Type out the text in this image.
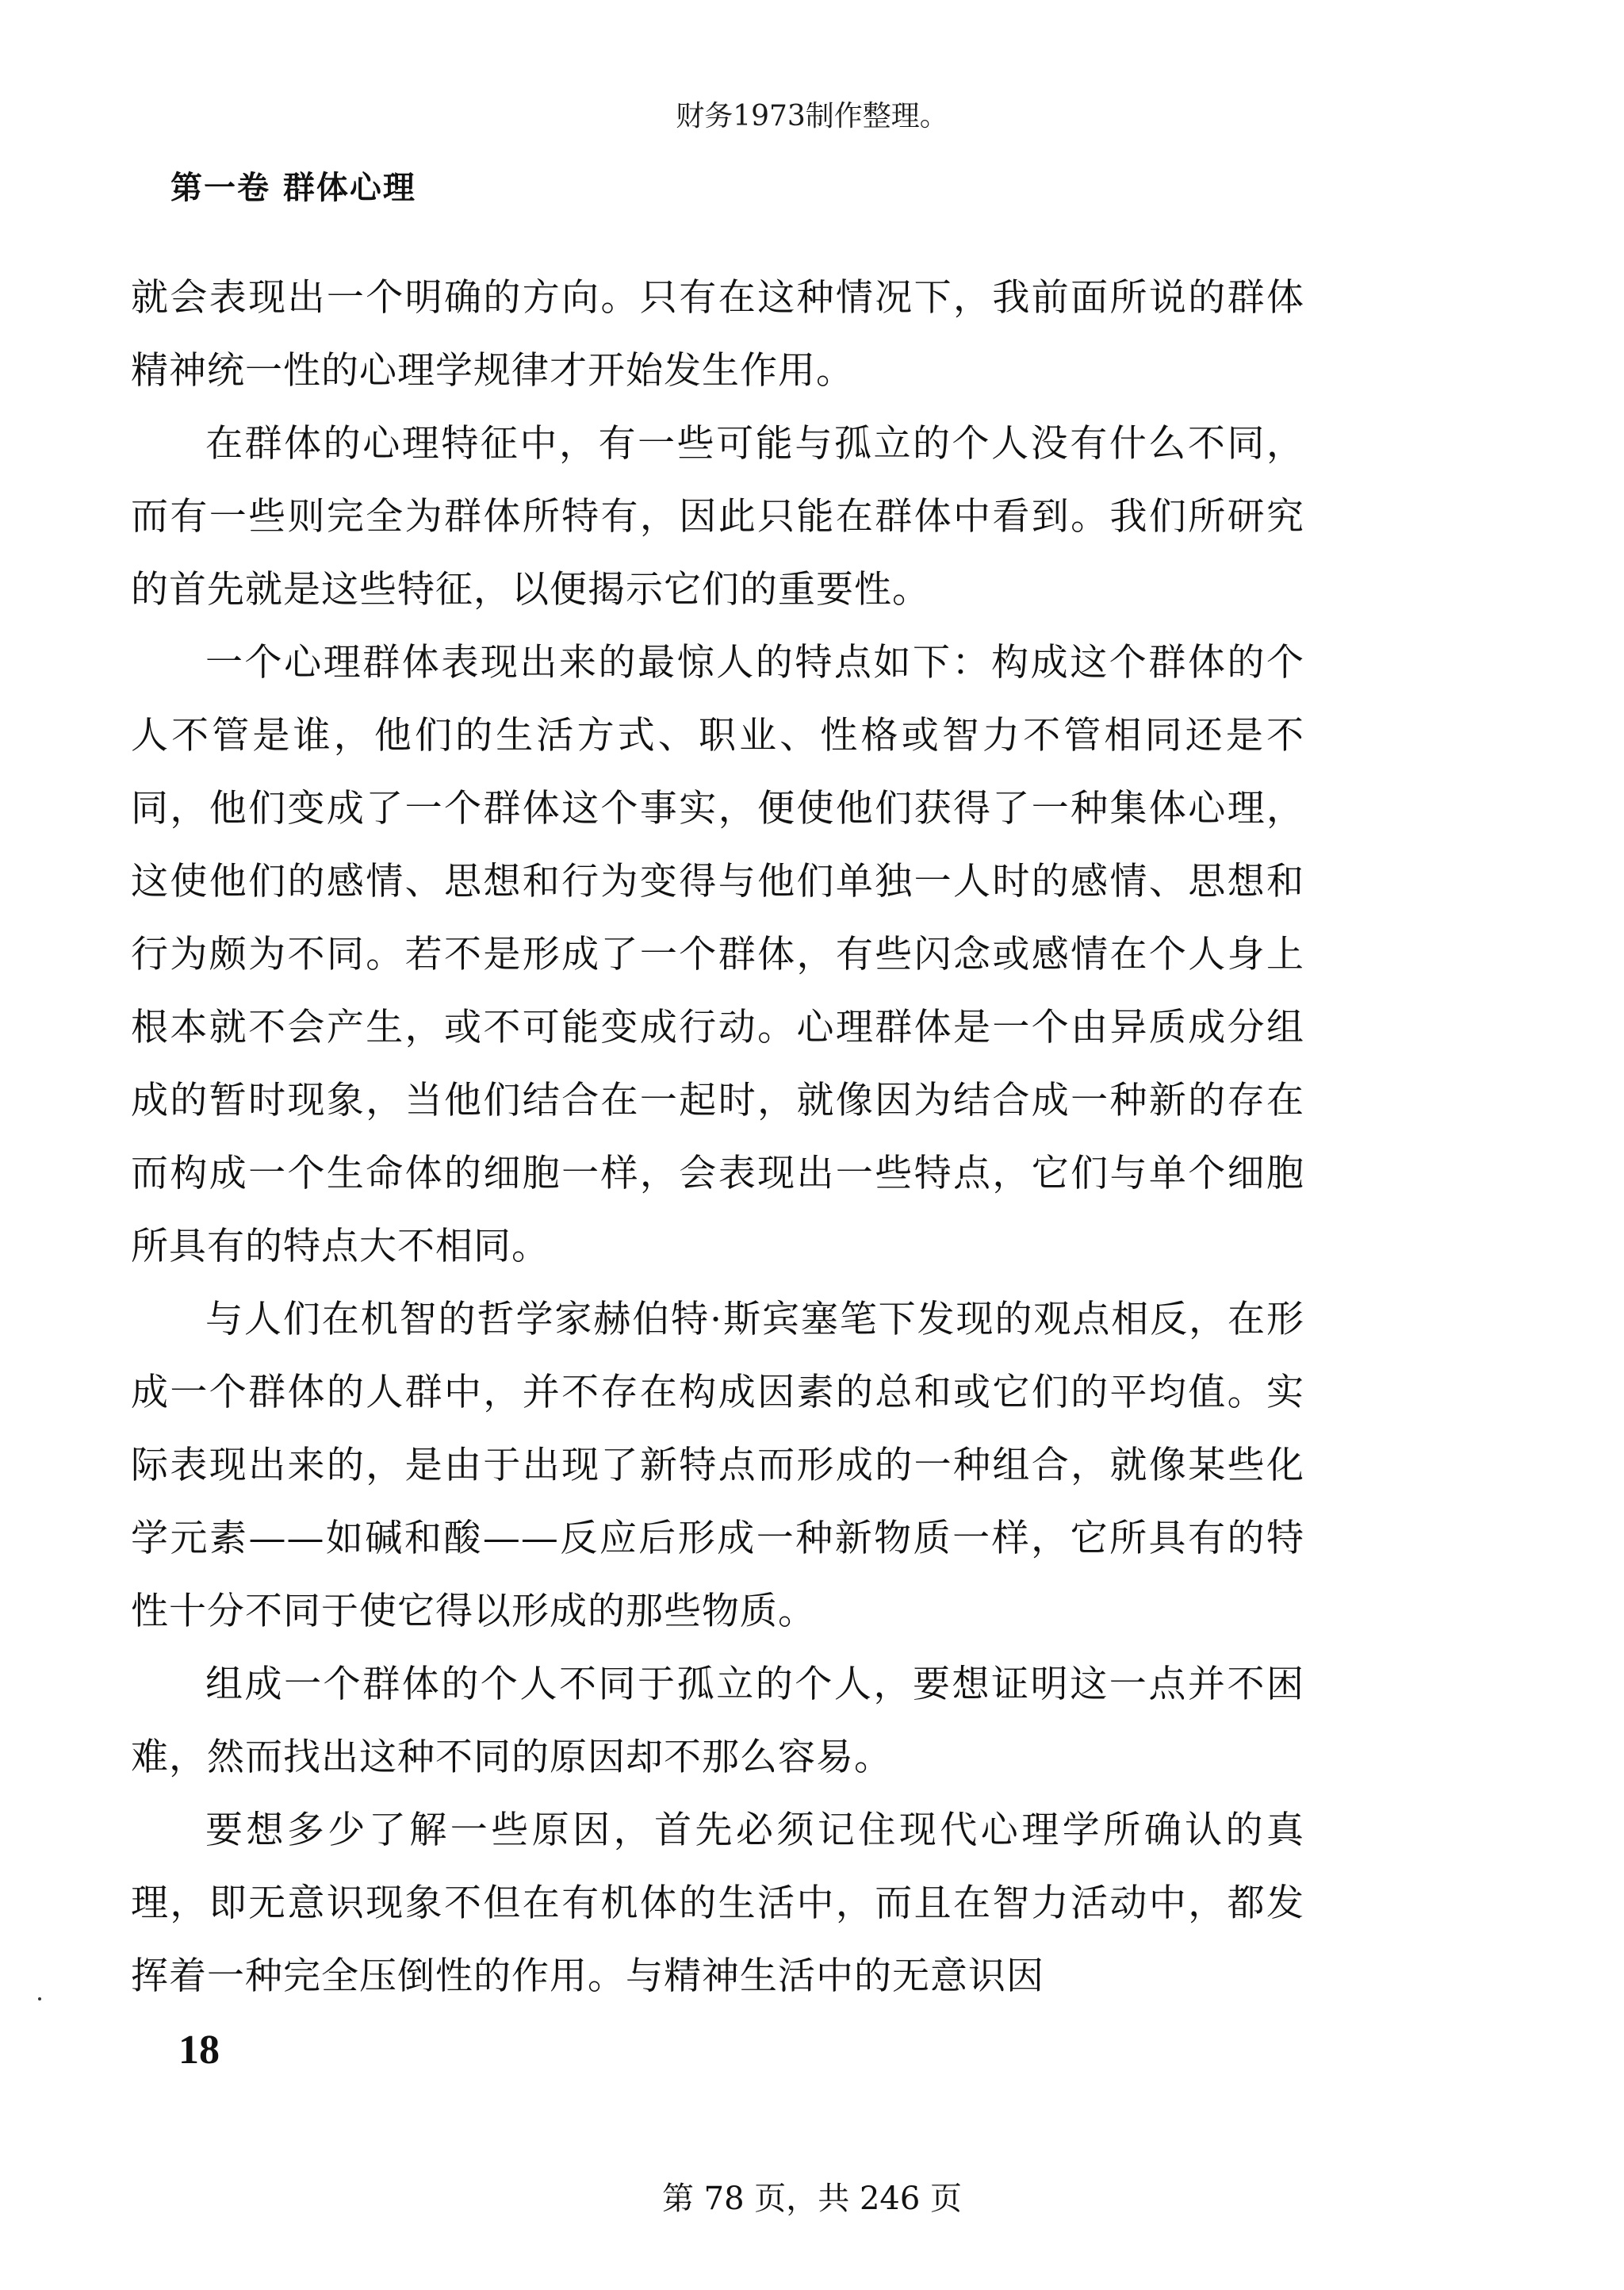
财务1973制作整理。
第一卷 群体心理

就会表现出一个明确的方向。只有在这种情况下，我前面所说的群体精神统一性的心理学规律才开始发生作用。

在群体的心理特征中，有一些可能与孤立的个人没有什么不同，而有一些则完全为群体所特有，因此只能在群体中看到。我们所研究的首先就是这些特征，以便揭示它们的重要性。

一个心理群体表现出来的最惊人的特点如下：构成这个群体的个人不管是谁，他们的生活方式、职业、性格或智力不管相同还是不同，他们变成了一个群体这个事实，便使他们获得了一种集体心理，这使他们的感情、思想和行为变得与他们单独一人时的感情、思想和行为颇为不同。若不是形成了一个群体，有些闪念或感情在个人身上根本就不会产生，或不可能变成行动。心理群体是一个由异质成分组成的暂时现象，当他们结合在一起时，就像因为结合成一种新的存在而构成一个生命体的细胞一样，会表现出一些特点，它们与单个细胞所具有的特点大不相同。

与人们在机智的哲学家赫伯特·斯宾塞笔下发现的观点相反，在形成一个群体的人群中，并不存在构成因素的总和或它们的平均值。实际表现出来的，是由于出现了新特点而形成的一种组合，就像某些化学元素——如碱和酸——反应后形成一种新物质一样，它所具有的特性十分不同于使它得以形成的那些物质。

组成一个群体的个人不同于孤立的个人，要想证明这一点并不困难，然而找出这种不同的原因却不那么容易。

要想多少了解一些原因，首先必须记住现代心理学所确认的真理，即无意识现象不但在有机体的生活中，而且在智力活动中，都发挥着一种完全压倒性的作用。与精神生活中的无意识因

18
第 78 页，共 246 页
